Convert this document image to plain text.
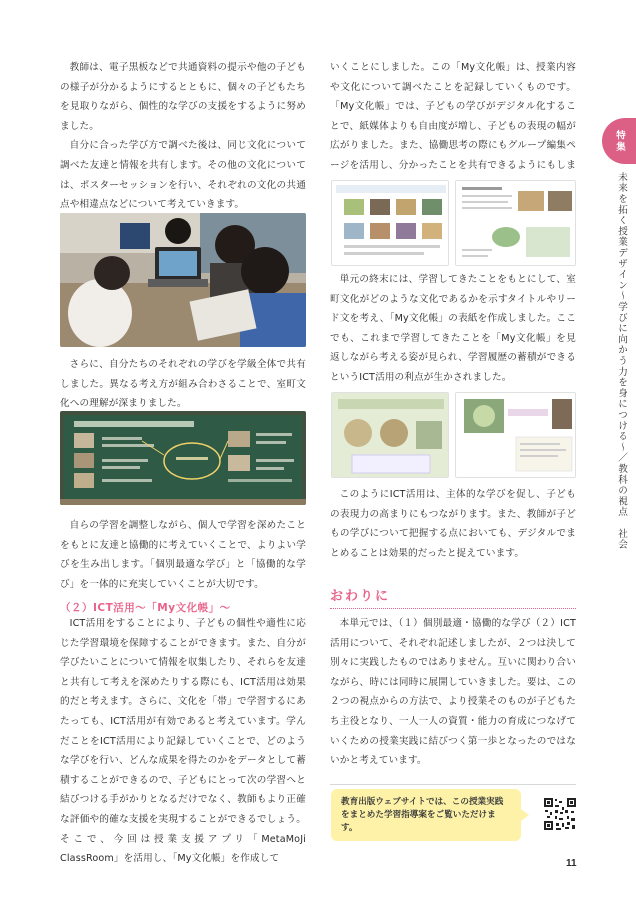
教師は、電子黒板などで共通資料の提示や他の子どもの様子が分かるようにするとともに、個々の子どもたちを見取りながら、個性的な学びの支援をするように努めました。

自分に合った学び方で調べた後は、同じ文化について調べた友達と情報を共有します。その他の文化については、ポスターセッションを行い、それぞれの文化の共通点や相違点などについて考えていきます。

さらに、自分たちのそれぞれの学びを学級全体で共有しました。異なる考え方が組み合わさることで、室町文化への理解が深まりました。

自らの学習を調整しながら、個人で学習を深めたことをもとに友達と協働的に考えていくことで、よりよい学びを生み出します。「個別最適な学び」と「協働的な学び」を一体的に充実していくことが大切です。

（２）ICT活用～「My文化帳」～

ICT活用をすることにより、子どもの個性や適性に応じた学習環境を保障することができます。また、自分が学びたいことについて情報を収集したり、それらを友達と共有して考えを深めたりする際にも、ICT活用は効果的だと考えます。さらに、文化を「帯」で学習するにあたっても、ICT活用が有効であると考えています。学んだことをICT活用により記録していくことで、どのような学びを行い、どんな成果を得たのかをデータとして蓄積することができるので、子どもにとって次の学習へと結びつける手がかりとなるだけでなく、教師もより正確な評価や的確な支援を実現することができるでしょう。そこで、今回は授業支援アプリ「MetaMoJi ClassRoom」を活用し、「My文化帳」を作成して

いくことにしました。この「My文化帳」は、授業内容や文化について調べたことを記録していくものです。「My文化帳」では、子どもの学びがデジタル化することで、紙媒体よりも自由度が増し、子どもの表現の幅が広がりました。また、協働思考の際にもグループ編集ページを活用し、分かったことを共有できるようにもしま

単元の終末には、学習してきたことをもとにして、室町文化がどのような文化であるかを示すタイトルやリード文を考え、「My文化帳」の表紙を作成しました。ここでも、これまで学習してきたことを「My文化帳」を見返しながら考える姿が見られ、学習履歴の蓄積ができるというICT活用の利点が生かされました。

このようにICT活用は、主体的な学びを促し、子どもの表現力の高まりにもつながります。また、教師が子どもの学びについて把握する点においても、デジタルでまとめることは効果的だったと捉えています。

おわりに

本単元では、（１）個別最適・協働的な学び（２）ICT活用について、それぞれ記述しましたが、２つは決して別々に実践したものではありません。互いに関わり合いながら、時には同時に展開していきました。要は、この２つの視点からの方法で、より授業そのものが子どもたち主役となり、一人一人の資質・能力の育成につなげていくための授業実践に結びつく第一歩となったのではないかと考えています。

教育出版ウェブサイトでは、この授業実践をまとめた学習指導案をご覧いただけます。
特集
未来を拓く授業デザイン～学びに向かう力を身につける～／教科の視点　社会
11
